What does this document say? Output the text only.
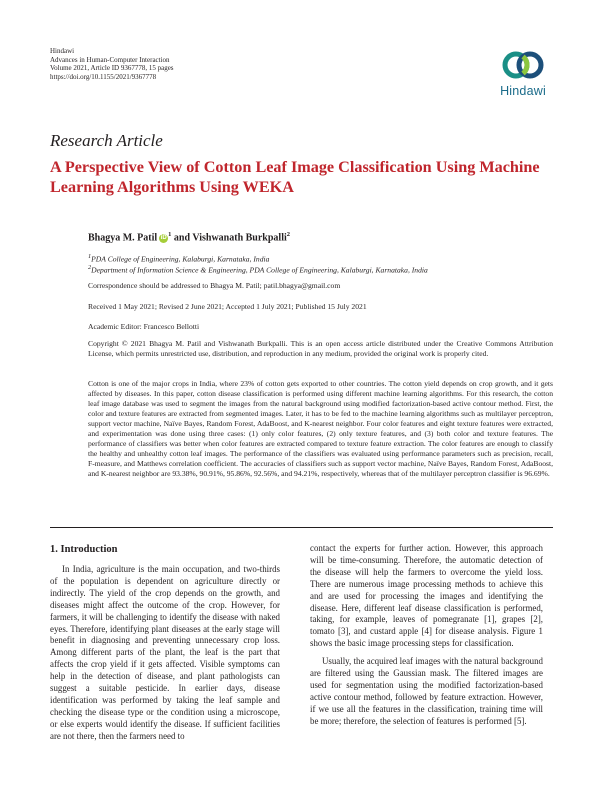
Hindawi
Advances in Human-Computer Interaction
Volume 2021, Article ID 9367778, 15 pages
https://doi.org/10.1155/2021/9367778
Hindawi
Research Article
A Perspective View of Cotton Leaf Image Classification Using Machine Learning Algorithms Using WEKA
Bhagya M. Patil $iD^1$ and Vishwanath Burkpalli$^2$
$^1$PDA College of Engineering, Kalaburgi, Karnataka, India
$^2$Department of Information Science & Engineering, PDA College of Engineering, Kalaburgi, Karnataka, India
Correspondence should be addressed to Bhagya M. Patil; patil.bhagya@gmail.com
Received 1 May 2021; Revised 2 June 2021; Accepted 1 July 2021; Published 15 July 2021
Academic Editor: Francesco Bellotti
Copyright © 2021 Bhagya M. Patil and Vishwanath Burkpalli. This is an open access article distributed under the Creative Commons Attribution License, which permits unrestricted use, distribution, and reproduction in any medium, provided the original work is properly cited.
Cotton is one of the major crops in India, where 23% of cotton gets exported to other countries. The cotton yield depends on crop growth, and it gets affected by diseases. In this paper, cotton disease classification is performed using different machine learning algorithms. For this research, the cotton leaf image database was used to segment the images from the natural background using modified factorization-based active contour method. First, the color and texture features are extracted from segmented images. Later, it has to be fed to the machine learning algorithms such as multilayer perceptron, support vector machine, Naïve Bayes, Random Forest, AdaBoost, and K-nearest neighbor. Four color features and eight texture features were extracted, and experimentation was done using three cases: (1) only color features, (2) only texture features, and (3) both color and texture features. The performance of classifiers was better when color features are extracted compared to texture feature extraction. The color features are enough to classify the healthy and unhealthy cotton leaf images. The performance of the classifiers was evaluated using performance parameters such as precision, recall, F-measure, and Matthews correlation coefficient. The accuracies of classifiers such as support vector machine, Naïve Bayes, Random Forest, AdaBoost, and K-nearest neighbor are 93.38%, 90.91%, 95.86%, 92.56%, and 94.21%, respectively, whereas that of the multilayer perceptron classifier is 96.69%.
1. Introduction

In India, agriculture is the main occupation, and two-thirds of the population is dependent on agriculture directly or indirectly. The yield of the crop depends on the growth, and diseases might affect the outcome of the crop. However, for farmers, it will be challenging to identify the disease with naked eyes. Therefore, identifying plant diseases at the early stage will benefit in diagnosing and preventing unnecessary crop loss. Among different parts of the plant, the leaf is the part that affects the crop yield if it gets affected. Visible symptoms can help in the detection of disease, and plant pathologists can suggest a suitable pesticide. In earlier days, disease identification was performed by taking the leaf sample and checking the disease type or the condition using a microscope, or else experts would identify the disease. If sufficient facilities are not there, then the farmers need to

contact the experts for further action. However, this approach will be time-consuming. Therefore, the automatic detection of the disease will help the farmers to overcome the yield loss. There are numerous image processing methods to achieve this and are used for processing the images and identifying the disease. Here, different leaf disease classification is performed, taking, for example, leaves of pomegranate [1], grapes [2], tomato [3], and custard apple [4] for disease analysis. Figure 1 shows the basic image processing steps for classification.

Usually, the acquired leaf images with the natural background are filtered using the Gaussian mask. The filtered images are used for segmentation using the modified factorization-based active contour method, followed by feature extraction. However, if we use all the features in the classification, training time will be more; therefore, the selection of features is performed [5].
